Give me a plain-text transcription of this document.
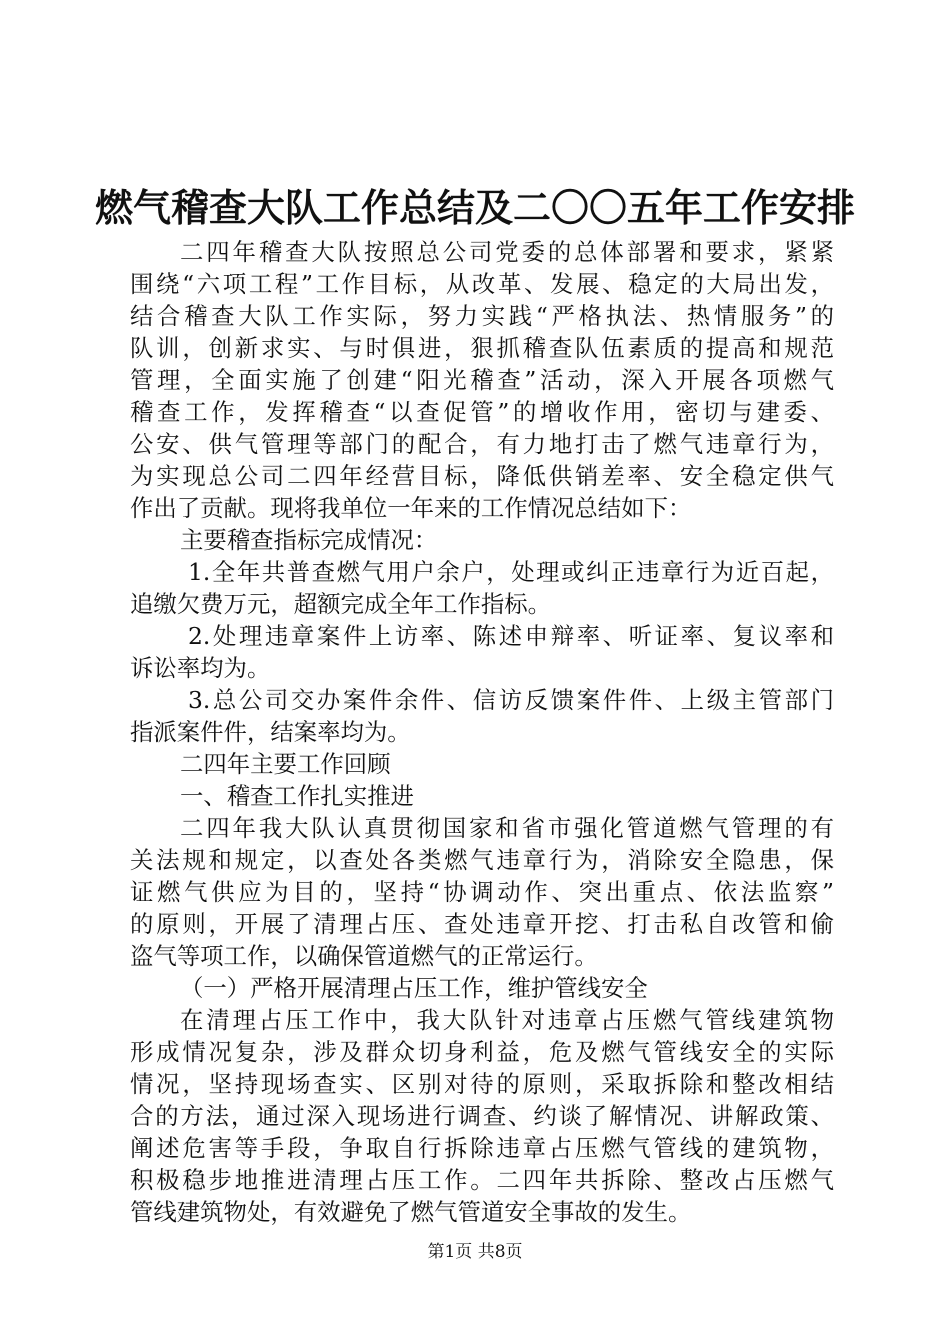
燃气稽查大队工作总结及二〇〇五年工作安排
二四年稽查大队按照总公司党委的总体部署和要求，紧紧
围绕“六项工程”工作目标，从改革、发展、稳定的大局出发，
结合稽查大队工作实际，努力实践“严格执法、热情服务”的
队训，创新求实、与时俱进，狠抓稽查队伍素质的提高和规范
管理，全面实施了创建“阳光稽查”活动，深入开展各项燃气
稽查工作，发挥稽查“以查促管”的增收作用，密切与建委、
公安、供气管理等部门的配合，有力地打击了燃气违章行为，
为实现总公司二四年经营目标，降低供销差率、安全稳定供气
作出了贡献。现将我单位一年来的工作情况总结如下：
主要稽查指标完成情况：
1.全年共普查燃气用户余户，处理或纠正违章行为近百起，
追缴欠费万元，超额完成全年工作指标。
2.处理违章案件上访率、陈述申辩率、听证率、复议率和
诉讼率均为。
3.总公司交办案件余件、信访反馈案件件、上级主管部门
指派案件件，结案率均为。
二四年主要工作回顾
一、稽查工作扎实推进
二四年我大队认真贯彻国家和省市强化管道燃气管理的有
关法规和规定，以查处各类燃气违章行为，消除安全隐患，保
证燃气供应为目的，坚持“协调动作、突出重点、依法监察”
的原则，开展了清理占压、查处违章开挖、打击私自改管和偷
盗气等项工作，以确保管道燃气的正常运行。
（一）严格开展清理占压工作，维护管线安全
在清理占压工作中，我大队针对违章占压燃气管线建筑物
形成情况复杂，涉及群众切身利益，危及燃气管线安全的实际
情况，坚持现场查实、区别对待的原则，采取拆除和整改相结
合的方法，通过深入现场进行调查、约谈了解情况、讲解政策、
阐述危害等手段，争取自行拆除违章占压燃气管线的建筑物，
积极稳步地推进清理占压工作。二四年共拆除、整改占压燃气
管线建筑物处，有效避免了燃气管道安全事故的发生。
第1页 共8页
